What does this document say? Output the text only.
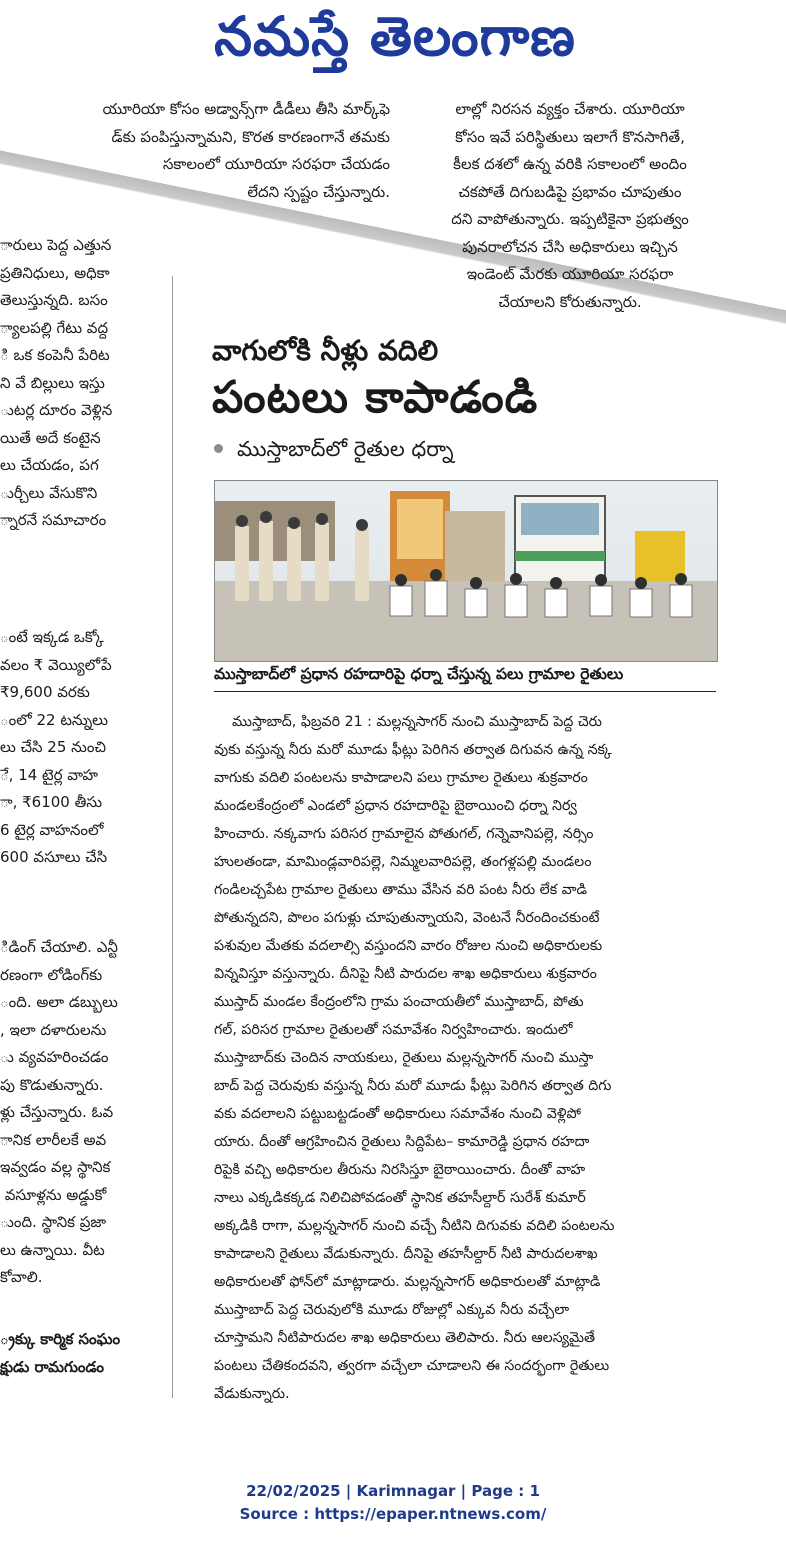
నమస్తే తెలంగాణ
యూరియా కోసం అడ్వాన్స్‌గా డీడీలు తీసి మార్క్‌ఫె
డ్‌కు పంపిస్తున్నామని, కొరత కారణంగానే తమకు
సకాలంలో యూరియా సరఫరా చేయడం
లేదని స్పష్టం చేస్తున్నారు.
లాల్లో నిరసన వ్యక్తం చేశారు. యూరియా
కోసం ఇవే పరిస్థితులు ఇలాగే కొనసాగితే,
కీలక దశలో ఉన్న వరికి సకాలంలో అందిం
చకపోతే దిగుబడిపై ప్రభావం చూపుతుం
దని వాపోతున్నారు. ఇప్పటికైనా ప్రభుత్వం
పునరాలోచన చేసి అధికారులు ఇచ్చిన
ఇండెంట్ మేరకు యూరియా సరఫరా
చేయాలని కోరుతున్నారు.
ారులు పెద్ద ఎత్తున
ప్రతినిధులు, అధికా
తెలుస్తున్నది. బసం
్యాలపల్లి గేటు వద్ద
ి ఒక కంపెనీ పేరిట
ని వే బిల్లులు ఇస్తు
ుటర్ల దూరం వెళ్లిన
యితే అదే కంటైన
లు చేయడం, పగ
ుర్చీలు వేసుకొని
్నారనే సమాచారం
ంటే ఇక్కడ ఒక్కో
వలం ₹ వెయ్యిలోపే
₹9,600 వరకు
ంలో 22 టన్నులు
లు చేసి 25 నుంచి
ే, 14 టైర్ల వాహ
ా, ₹6100 తీసు
6 టైర్ల వాహనంలో
600 వసూలు చేసి
ిడింగ్ చేయాలి. ఎన్టీ
రణంగా లోడింగ్‌కు
ంది. అలా డబ్బులు
, ఇలా దళారులను
ు వ్యవహరించడం
పు కొడుతున్నారు.
ళ్లు చేస్తున్నారు. ఓవ
ానిక లారీలకే అవ
ఇవ్వడం వల్ల స్థానిక
వసూళ్లను అడ్డుకో
ుంది. స్థానిక ప్రజా
లు ఉన్నాయి. వీట
కోవాలి.
్రక్కు కార్మిక సంఘం
క్షుడు రామగుండం
వాగులోకి నీళ్లు వదిలి
పంటలు కాపాడండి
ముస్తాబాద్‌లో రైతుల ధర్నా
ముస్తాబాద్‌లో ప్రధాన రహదారిపై ధర్నా చేస్తున్న పలు గ్రామాల రైతులు
ముస్తాబాద్, ఫిబ్రవరి 21 : మల్లన్నసాగర్ నుంచి ముస్తాబాద్ పెద్ద చెరు
వుకు వస్తున్న నీరు మరో మూడు ఫీట్లు పెరిగిన తర్వాత దిగువన ఉన్న నక్క
వాగుకు వదిలి పంటలను కాపాడాలని పలు గ్రామాల రైతులు శుక్రవారం
మండలకేంద్రంలో ఎండలో ప్రధాన రహదారిపై బైఠాయించి ధర్నా నిర్వ
హించారు. నక్కవాగు పరిసర గ్రామాలైన పోతుగల్, గన్నెవానిపల్లె, నర్సిం
హులతండా, మామిండ్లవారిపల్లె, నిమ్మలవారిపల్లె, తంగళ్లపల్లి మండలం
గండిలచ్చపేట గ్రామాల రైతులు తాము వేసిన వరి పంట నీరు లేక వాడి
పోతున్నదని, పొలం పగుళ్లు చూపుతున్నాయని, వెంటనే నీరందించకుంటే
పశువుల మేతకు వదలాల్సి వస్తుందని వారం రోజుల నుంచి అధికారులకు
విన్నవిస్తూ వస్తున్నారు. దీనిపై నీటి పారుదల శాఖ అధికారులు శుక్రవారం
ముస్తాద్ మండల కేంద్రంలోని గ్రామ పంచాయతీలో ముస్తాబాద్, పోతు
గల్, పరిసర గ్రామాల రైతులతో సమావేశం నిర్వహించారు. ఇందులో
ముస్తాబాద్‌కు చెందిన నాయకులు, రైతులు మల్లన్నసాగర్ నుంచి ముస్తా
బాద్ పెద్ద చెరువుకు వస్తున్న నీరు మరో మూడు ఫీట్లు పెరిగిన తర్వాత దిగు
వకు వదలాలని పట్టుబట్టడంతో అధికారులు సమావేశం నుంచి వెళ్లిపో
యారు. దీంతో ఆగ్రహించిన రైతులు సిద్దిపేట– కామారెడ్డి ప్రధాన రహదా
రిపైకి వచ్చి అధికారుల తీరును నిరసిస్తూ బైఠాయించారు. దీంతో వాహ
నాలు ఎక్కడికక్కడ నిలిచిపోవడంతో స్థానిక తహసీల్దార్ సురేశ్ కుమార్
అక్కడికి రాగా, మల్లన్నసాగర్ నుంచి వచ్చే నీటిని దిగువకు వదిలి పంటలను
కాపాడాలని రైతులు వేడుకున్నారు. దీనిపై తహసీల్దార్ నీటి పారుదలశాఖ
అధికారులతో ఫోన్‌లో మాట్లాడారు. మల్లన్నసాగర్ అధికారులతో మాట్లాడి
ముస్తాబాద్ పెద్ద చెరువులోకి మూడు రోజుల్లో ఎక్కువ నీరు వచ్చేలా
చూస్తామని నీటిపారుదల శాఖ అధికారులు తెలిపారు. నీరు ఆలస్యమైతే
పంటలు చేతికందవని, త్వరగా వచ్చేలా చూడాలని ఈ సందర్భంగా రైతులు
వేడుకున్నారు.
22/02/2025 | Karimnagar | Page : 1
Source : https://epaper.ntnews.com/
